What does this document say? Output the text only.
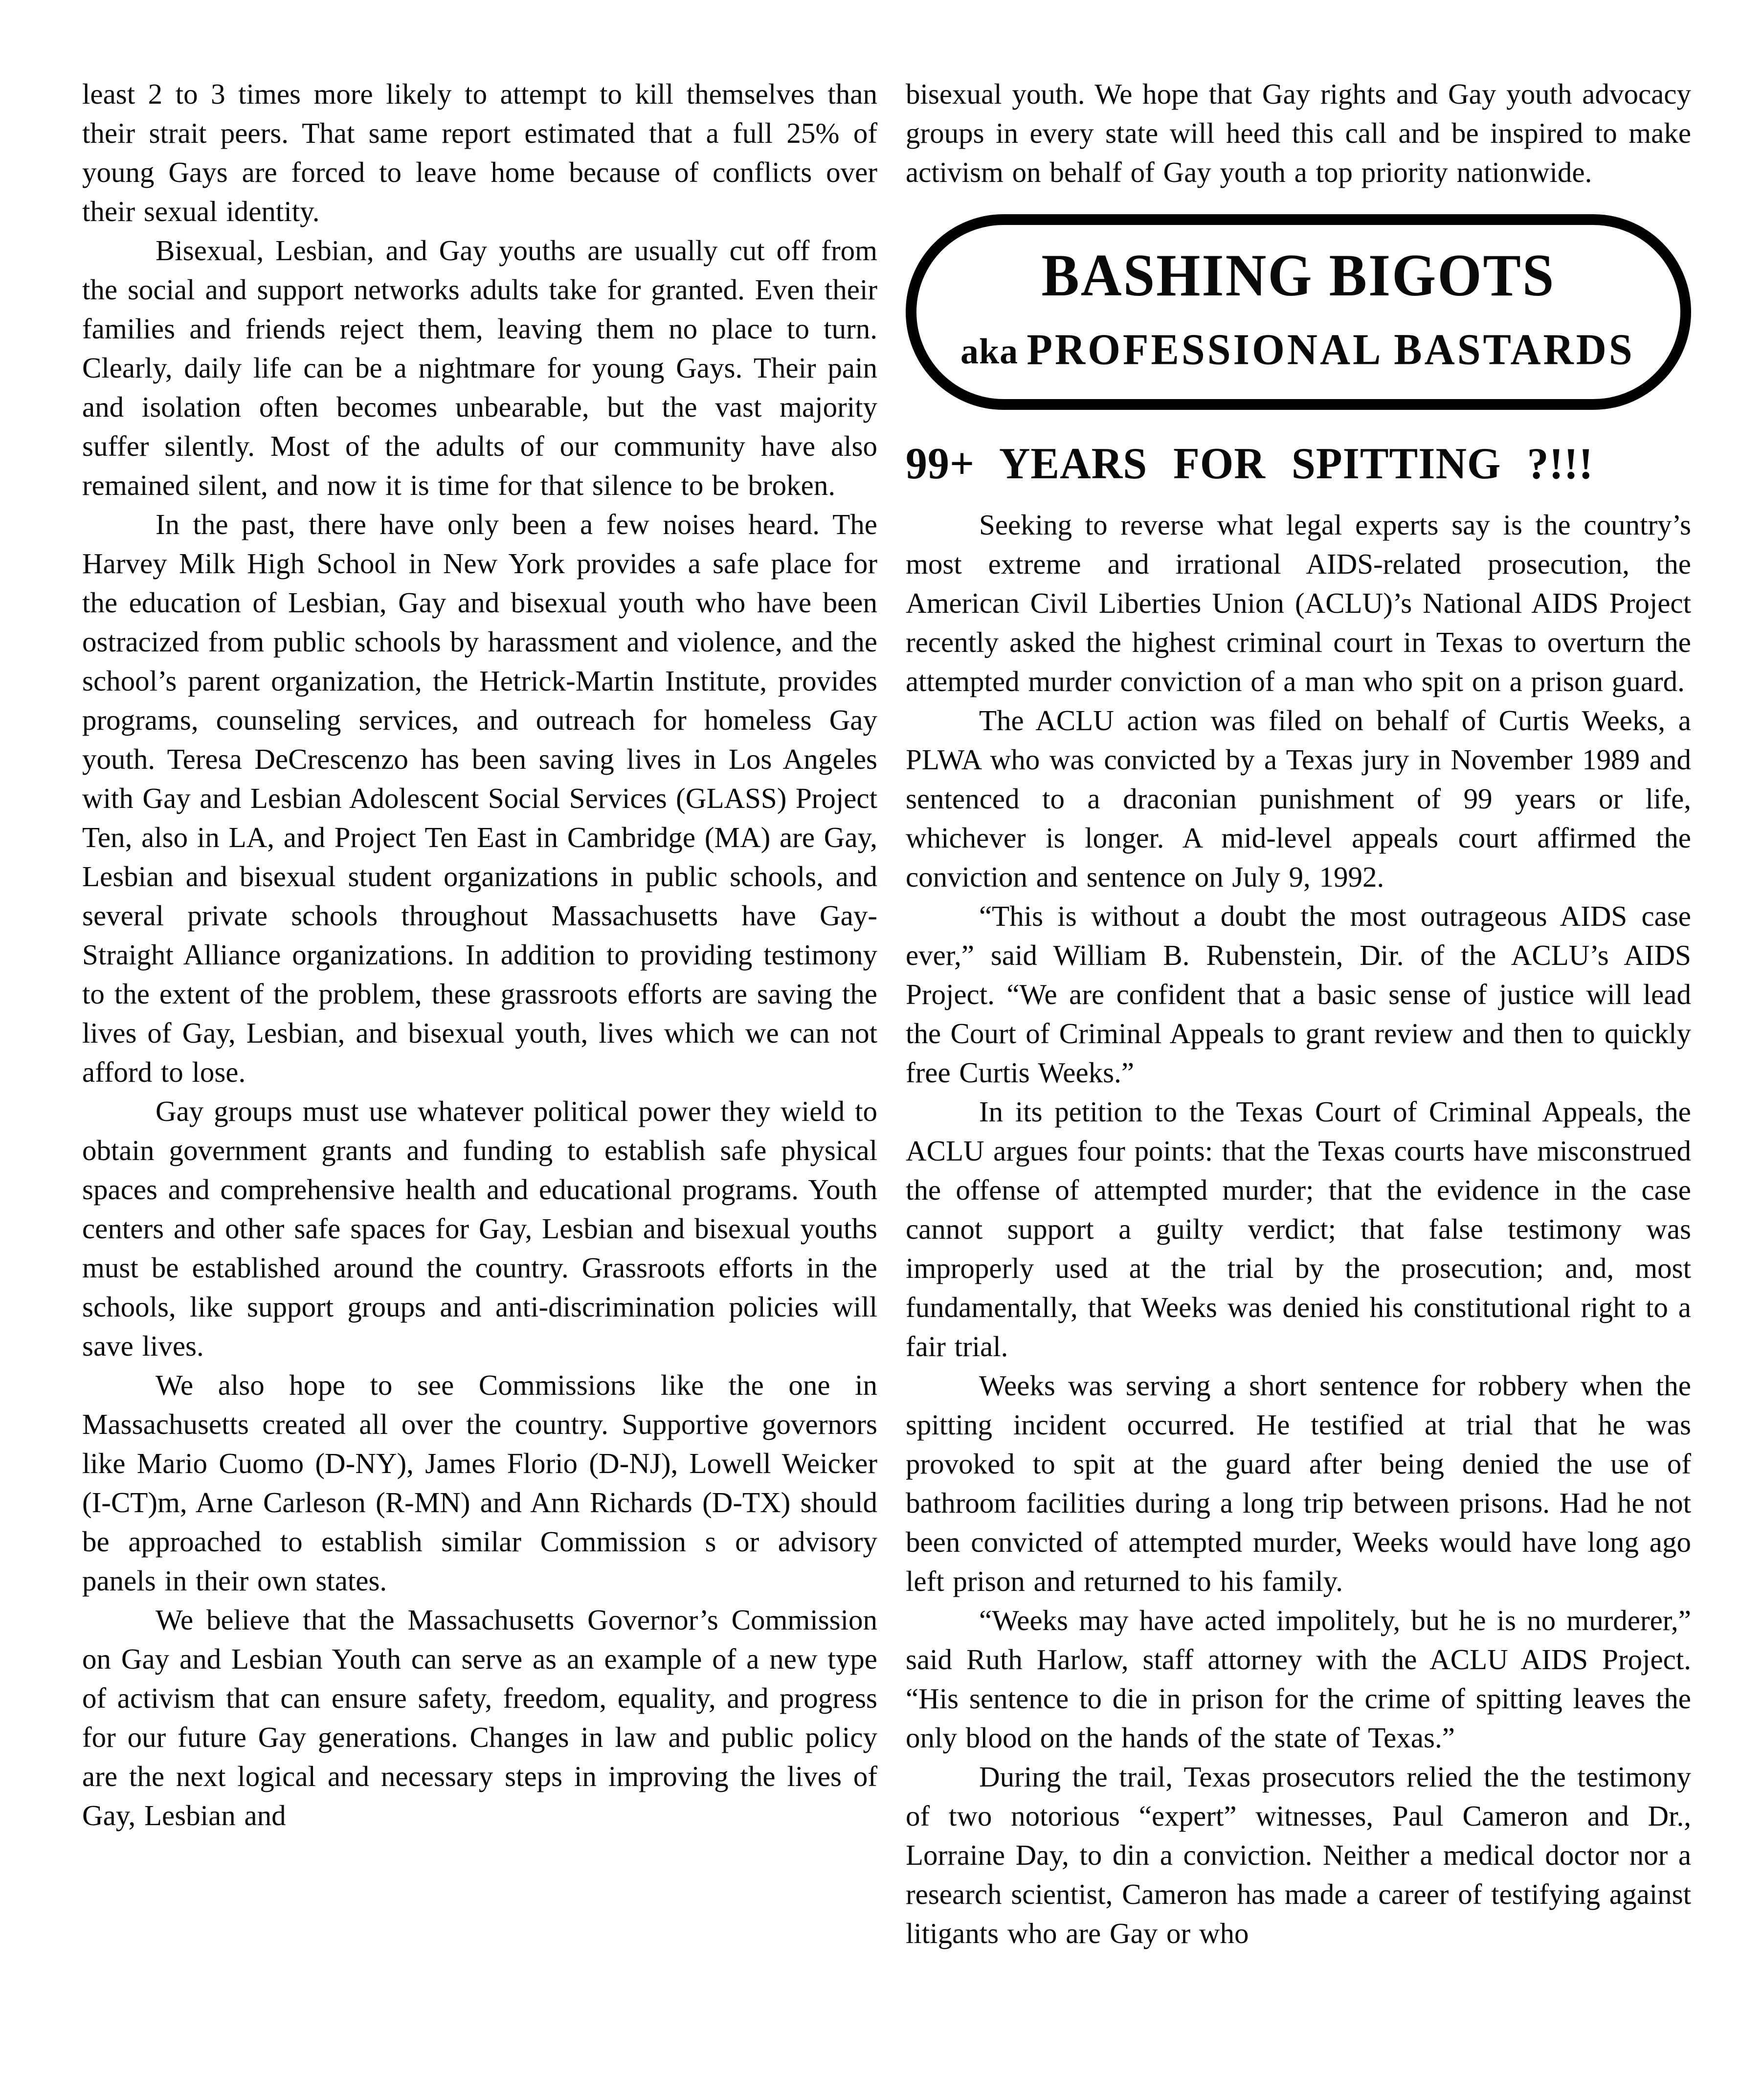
least 2 to 3 times more likely to attempt to kill themselves than their strait peers. That same report estimated that a full 25% of young Gays are forced to leave home because of conflicts over their sexual identity.

Bisexual, Lesbian, and Gay youths are usually cut off from the social and support networks adults take for granted. Even their families and friends reject them, leaving them no place to turn. Clearly, daily life can be a nightmare for young Gays. Their pain and isolation often becomes unbearable, but the vast majority suffer silently. Most of the adults of our community have also remained silent, and now it is time for that silence to be broken.

In the past, there have only been a few noises heard. The Harvey Milk High School in New York provides a safe place for the education of Lesbian, Gay and bisexual youth who have been ostracized from public schools by harassment and violence, and the school’s parent organization, the Hetrick-Martin Institute, provides programs, counseling services, and outreach for homeless Gay youth. Teresa DeCrescenzo has been saving lives in Los Angeles with Gay and Lesbian Adolescent Social Services (GLASS) Project Ten, also in LA, and Project Ten East in Cambridge (MA) are Gay, Lesbian and bisexual student organizations in public schools, and several private schools throughout Massachusetts have Gay-Straight Alliance organizations. In addition to providing testimony to the extent of the problem, these grassroots efforts are saving the lives of Gay, Lesbian, and bisexual youth, lives which we can not afford to lose.

Gay groups must use whatever political power they wield to obtain government grants and funding to establish safe physical spaces and comprehensive health and educational programs. Youth centers and other safe spaces for Gay, Lesbian and bisexual youths must be established around the country. Grassroots efforts in the schools, like support groups and anti-discrimination policies will save lives.

We also hope to see Commissions like the one in Massachusetts created all over the country. Supportive governors like Mario Cuomo (D-NY), James Florio (D-NJ), Lowell Weicker (I-CT)m, Arne Carleson (R-MN) and Ann Richards (D-TX) should be approached to establish similar Commission s or advisory panels in their own states.

We believe that the Massachusetts Governor’s Commission on Gay and Lesbian Youth can serve as an example of a new type of activism that can ensure safety, freedom, equality, and progress for our future Gay generations. Changes in law and public policy are the next logical and necessary steps in improving the lives of Gay, Lesbian and

bisexual youth. We hope that Gay rights and Gay youth advocacy groups in every state will heed this call and be inspired to make activism on behalf of Gay youth a top priority nationwide.

BASHING BIGOTS
aka PROFESSIONAL BASTARDS
99+ YEARS FOR SPITTING ?!!!

Seeking to reverse what legal experts say is the country’s most extreme and irrational AIDS-related prosecution, the American Civil Liberties Union (ACLU)’s National AIDS Project recently asked the highest criminal court in Texas to overturn the attempted murder conviction of a man who spit on a prison guard.

The ACLU action was filed on behalf of Curtis Weeks, a PLWA who was convicted by a Texas jury in November 1989 and sentenced to a draconian punishment of 99 years or life, whichever is longer. A mid-level appeals court affirmed the conviction and sentence on July 9, 1992.

“This is without a doubt the most outrageous AIDS case ever,” said William B. Rubenstein, Dir. of the ACLU’s AIDS Project. “We are confident that a basic sense of justice will lead the Court of Criminal Appeals to grant review and then to quickly free Curtis Weeks.”

In its petition to the Texas Court of Criminal Appeals, the ACLU argues four points: that the Texas courts have misconstrued the offense of attempted murder; that the evidence in the case cannot support a guilty verdict; that false testimony was improperly used at the trial by the prosecution; and, most fundamentally, that Weeks was denied his constitutional right to a fair trial.

Weeks was serving a short sentence for robbery when the spitting incident occurred. He testified at trial that he was provoked to spit at the guard after being denied the use of bathroom facilities during a long trip between prisons. Had he not been convicted of attempted murder, Weeks would have long ago left prison and returned to his family.

“Weeks may have acted impolitely, but he is no murderer,” said Ruth Harlow, staff attorney with the ACLU AIDS Project. “His sentence to die in prison for the crime of spitting leaves the only blood on the hands of the state of Texas.”

During the trail, Texas prosecutors relied the the testimony of two notorious “expert” witnesses, Paul Cameron and Dr., Lorraine Day, to din a conviction. Neither a medical doctor nor a research scientist, Cameron has made a career of testifying against litigants who are Gay or who
